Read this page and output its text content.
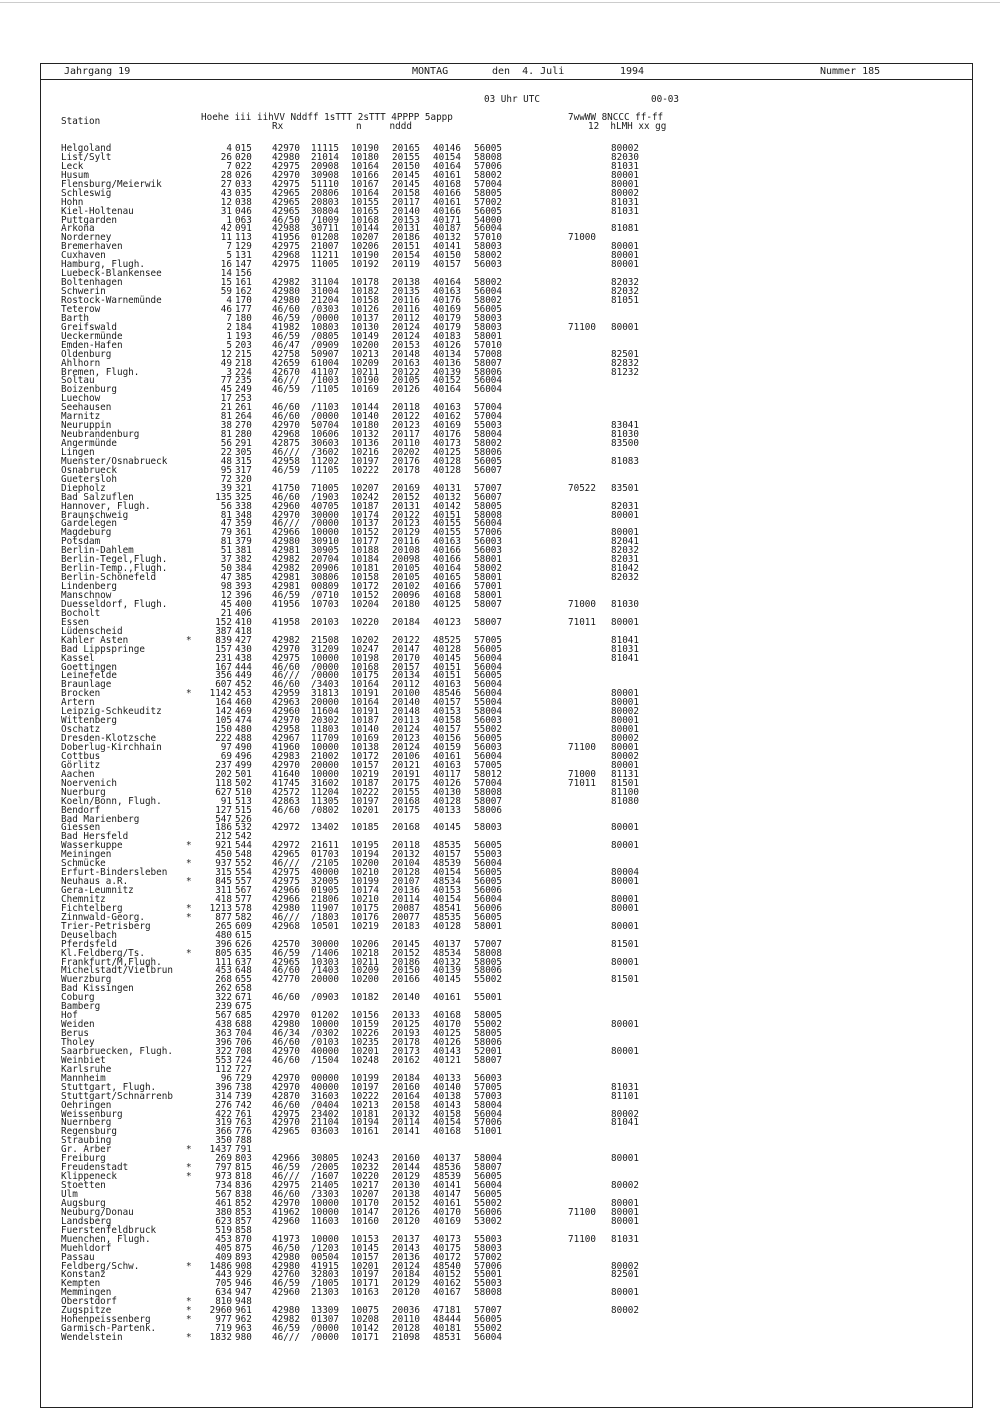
Jahrgang 19	MONTAG	den  4. Juli	1994	Nummer 185
03 Uhr UTC	00-03
Station	Hoehe iii iihVV Nddff 1sTTT 2sTTT 4PPPP 5appp
Rx             n     nddd
7wwWW 8NCCC ff-ff
12  hLMH xx gg
Helgoland	4 015 42970 11115 10190 20165 40146 56005	80002
List/Sylt	26 020 42980 21014 10180 20155 40154 58008	82030
Leck	7 022 42975 20908 10164 20150 40164 57006	81031
Husum	28 026 42970 30908 10166 20145 40161 58002	80001
Flensburg/Meierwik	27 033 42975 51110 10167 20145 40168 57004	80001
Schleswig	43 035 42965 20806 10164 20158 40166 58005	80002
Hohn	12 038 42965 20803 10155 20117 40161 57002	81031
Kiel-Holtenau	31 046 42965 30804 10165 20140 40166 56005	81031
Puttgarden	1 063 46/50 /1009 10168 20153 40171 54000
Arkona	42 091 42988 30711 10144 20131 40187 56004	81081
Norderney	11 113 41956 01208 10207 20186 40132 57010	71000
Bremerhaven	7 129 42975 21007 10206 20151 40141 58003	80001
Cuxhaven	5 131 42968 11211 10190 20154 40150 58002	80001
Hamburg, Flugh.	16 147 42975 11005 10192 20119 40157 56003	80001
Luebeck-Blankensee	14 156
Boltenhagen	15 161 42982 31104 10178 20138 40164 58002	82032
Schwerin	59 162 42980 31004 10182 20135 40163 56004	82032
Rostock-Warnemünde	4 170 42980 21204 10158 20116 40176 58002	81051
Teterow	46 177 46/60 /0303 10126 20116 40169 56005
Barth	7 180 46/59 /0000 10137 20112 40179 58003
Greifswald	2 184 41982 10803 10130 20124 40179 58003	71100 80001
Ueckermünde	1 193 46/59 /0805 10149 20124 40183 58001
Emden-Hafen	5 203 46/47 /0909 10200 20153 40126 57010
Oldenburg	12 215 42758 50907 10213 20148 40134 57008	82501
Ahlhorn	49 218 42659 61004 10209 20163 40136 58007	82832
Bremen, Flugh.	3 224 42670 41107 10211 20122 40139 58006	81232
Soltau	77 235 46/// /1003 10190 20105 40152 56004
Boizenburg	45 249 46/59 /1105 10169 20126 40164 56004
Luechow	17 253
Seehausen	21 261 46/60 /1103 10144 20118 40163 57004
Marnitz	81 264 46/60 /0000 10140 20122 40162 57004
Neuruppin	38 270 42970 50704 10180 20123 40169 55003	83041
Neubrandenburg	81 280 42968 10606 10132 20117 40176 58004	81030
Angermünde	56 291 42875 30603 10136 20110 40173 58002	83500
Lingen	22 305 46/// /3602 10216 20202 40125 58006
Muenster/Osnabrueck	48 315 42958 11202 10197 20176 40128 56005	81083
Osnabrueck	95 317 46/59 /1105 10222 20178 40128 56007
Guetersloh	72 320
Diepholz	39 321 41750 71005 10207 20169 40131 57007	70522 83501
Bad Salzuflen	135 325 46/60 /1903 10242 20152 40132 56007
Hannover, Flugh.	56 338 42960 40705 10187 20131 40142 58005	82031
Braunschweig	81 348 42970 30000 10174 20122 40151 58008	80001
Gardelegen	47 359 46/// /0000 10137 20123 40155 56004
Magdeburg	79 361 42966 10000 10152 20129 40155 57006	80001
Potsdam	81 379 42980 30910 10177 20116 40163 56003	82041
Berlin-Dahlem	51 381 42981 30905 10188 20108 40166 56003	82032
Berlin-Tegel,Flugh.	37 382 42982 20704 10184 20098 40166 58001	82031
Berlin-Temp.,Flugh.	50 384 42982 20906 10181 20105 40164 58002	81042
Berlin-Schönefeld	47 385 42981 30806 10158 20105 40165 58001	82032
Lindenberg	98 393 42981 00809 10172 20102 40166 57001
Manschnow	12 396 46/59 /0710 10152 20096 40168 58001
Duesseldorf, Flugh.	45 400 41956 10703 10204 20180 40125 58007	71000 81030
Bocholt	21 406
Essen	152 410 41958 20103 10220 20184 40123 58007	71011 80001
Lüdenscheid	387 418
Kahler Asten	*	839 427 42982 21508 10202 20122 48525 57005	81041
Bad Lippspringe	157 430 42970 31209 10247 20147 40128 56005	81031
Kassel	231 438 42975 10000 10198 20170 40145 56004	81041
Goettingen	167 444 46/60 /0000 10168 20157 40151 56004
Leinefelde	356 449 46/// /0000 10175 20134 40151 56005
Braunlage	607 452 46/60 /3403 10164 20112 40163 56004
Brocken	*	1142 453 42959 31813 10191 20100 48546 56004	80001
Artern	164 460 42963 20000 10164 20140 40157 55004	80001
Leipzig-Schkeuditz	142 469 42960 11604 10191 20148 40153 58004	80002
Wittenberg	105 474 42970 20302 10187 20113 40158 56003	80001
Oschatz	150 480 42958 11803 10140 20124 40157 55002	80001
Dresden-Klotzsche	222 488 42967 11709 10169 20123 40156 56005	80002
Doberlug-Kirchhain	97 490 41960 10000 10138 20124 40159 56003	71100 80001
Cottbus	69 496 42983 21002 10172 20106 40161 56004	80002
Görlitz	237 499 42970 20000 10157 20121 40163 57005	80001
Aachen	202 501 41640 10000 10219 20191 40117 58012	71000 81131
Noervenich	118 502 41745 31602 10187 20175 40126 57004	71011 81501
Nuerburg	627 510 42572 11204 10222 20155 40130 58008	81100
Koeln/Bonn, Flugh.	91 513 42863 11305 10197 20168 40128 58007	81080
Bendorf	127 515 46/60 /0802 10201 20175 40133 58006
Bad Marienberg	547 526
Giessen	186 532 42972 13402 10185 20168 40145 58003	80001
Bad Hersfeld	212 542
Wasserkuppe	*	921 544 42972 21611 10195 20118 48535 56005	80001
Meiningen	450 548 42965 01703 10194 20132 40157 55003
Schmücke	*	937 552 46/// /2105 10200 20104 48539 56004
Erfurt-Bindersleben	315 554 42975 40000 10210 20128 40154 56005	80004
Neuhaus a.R.	*	845 557 42975 32005 10199 20107 48534 56005	80001
Gera-Leumnitz	311 567 42966 01905 10174 20136 40153 56006
Chemnitz	418 577 42966 21806 10210 20114 40154 56004	80001
Fichtelberg	*	1213 578 42980 11907 10175 20087 48541 56006	80001
Zinnwald-Georg.	*	877 582 46/// /1803 10176 20077 48535 56005
Trier-Petrisberg	265 609 42968 10501 10219 20183 40128 58001	80001
Deuselbach	480 615
Pferdsfeld	396 626 42570 30000 10206 20145 40137 57007	81501
Kl.Feldberg/Ts.	*	805 635 46/59 /1406 10218 20152 48534 58008
Frankfurt/M,Flugh.	111 637 42965 10303 10211 20186 40132 58005	80001
Michelstadt/Vielbrun	453 648 46/60 /1403 10209 20150 40139 58006
Wuerzburg	268 655 42770 20000 10200 20166 40145 55002	81501
Bad Kissingen	262 658
Coburg	322 671 46/60 /0903 10182 20140 40161 55001
Bamberg	239 675
Hof	567 685 42970 01202 10156 20133 40168 58005
Weiden	438 688 42980 10000 10159 20125 40170 55002	80001
Berus	363 704 46/34 /0302 10226 20193 40125 58005
Tholey	396 706 46/60 /0103 10235 20178 40126 58006
Saarbruecken, Flugh.	322 708 42970 40000 10201 20173 40143 52001	80001
Weinbiet	553 724 46/60 /1504 10248 20162 40121 58007
Karlsruhe	112 727
Mannheim	96 729 42970 00000 10199 20184 40133 56003
Stuttgart, Flugh.	396 738 42970 40000 10197 20160 40140 57005	81031
Stuttgart/Schnarrenb	314 739 42870 31603 10222 20164 40138 57003	81101
Oehringen	276 742 46/60 /0404 10213 20158 40143 58004
Weissenburg	422 761 42975 23402 10181 20132 40158 56004	80002
Nuernberg	319 763 42970 21104 10194 20114 40154 57006	81041
Regensburg	366 776 42965 03603 10161 20141 40168 51001
Straubing	350 788
Gr. Arber	*	1437 791
Freiburg	269 803 42966 30805 10243 20160 40137 58004	80001
Freudenstadt	*	797 815 46/59 /2005 10232 20144 48536 58007
Klippeneck	*	973 818 46/// /1607 10220 20129 48539 56005
Stoetten	734 836 42975 21405 10217 20130 40141 56004	80002
Ulm	567 838 46/60 /3303 10207 20138 40147 56005
Augsburg	461 852 42970 10000 10170 20152 40161 55002	80001
Neuburg/Donau	380 853 41962 10000 10147 20126 40170 56006	71100 80001
Landsberg	623 857 42960 11603 10160 20120 40169 53002	80001
Fuerstenfeldbruck	519 858
Muenchen, Flugh.	453 870 41973 10000 10153 20137 40173 55003	71100 81031
Muehldorf	405 875 46/50 /1203 10145 20143 40175 58003
Passau	409 893 42980 00504 10157 20136 40172 57002
Feldberg/Schw.	*	1486 908 42980 41915 10201 20124 48540 57006	80002
Konstanz	443 929 42760 32803 10197 20184 40152 55001	82501
Kempten	705 946 46/59 /1005 10171 20129 40162 55003
Memmingen	634 947 42960 21303 10163 20120 40167 58008	80001
Oberstdorf	*	810 948
Zugspitze	*	2960 961 42980 13309 10075 20036 47181 57007	80002
Hohenpeissenberg	*	977 962 42982 01307 10208 20110 48444 56005
Garmisch-Partenk.	719 963 46/59 /0000 10142 20128 40181 55002
Wendelstein	*	1832 980 46/// /0000 10171 21098 48531 56004
